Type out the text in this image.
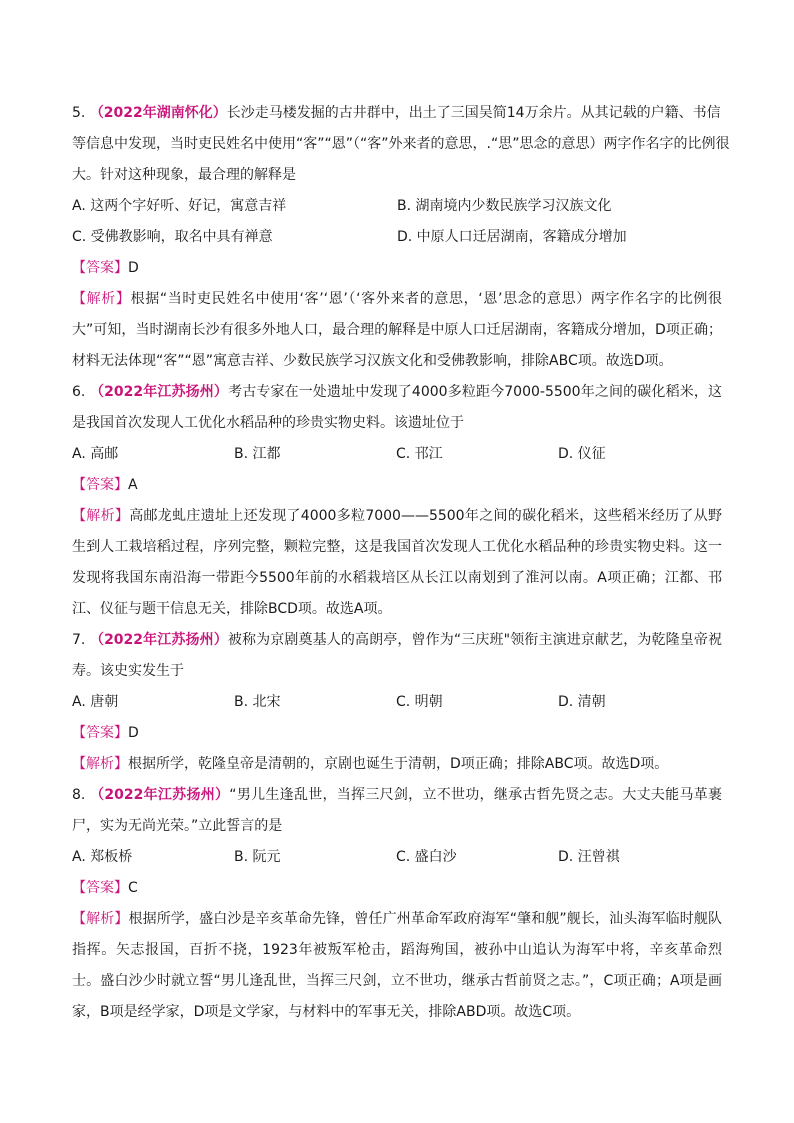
5. （2022年湖南怀化）长沙走马楼发掘的古井群中，出土了三国吴简14万余片。从其记载的户籍、书信
等信息中发现，当时吏民姓名中使用“客”“恩”（“客”外来者的意思，.“思”思念的意思）两字作名字的比例很
大。针对这种现象，最合理的解释是
A. 这两个字好听、好记，寓意吉祥	B. 湖南境内少数民族学习汉族文化
C. 受佛教影响，取名中具有禅意	D. 中原人口迁居湖南，客籍成分增加
【答案】D
【解析】根据“当时吏民姓名中使用‘客’‘恩’（‘客外来者的意思，‘恩’思念的意思）两字作名字的比例很大”可知，当时湖南长沙有很多外地人口，最合理的解释是中原人口迁居湖南，客籍成分增加，D项正确；材料无法体现“客”“恩”寓意吉祥、少数民族学习汉族文化和受佛教影响，排除ABC项。故选D项。
6. （2022年江苏扬州）考古专家在一处遗址中发现了4000多粒距今7000-5500年之间的碳化稻米，这是我国首次发现人工优化水稻品种的珍贵实物史料。该遗址位于
A. 高邮	B. 江都	C. 邗江	D. 仪征
【答案】A
【解析】高邮龙虬庄遗址上还发现了4000多粒7000——5500年之间的碳化稻米，这些稻米经历了从野生到人工栽培稻过程，序列完整，颗粒完整，这是我国首次发现人工优化水稻品种的珍贵实物史料。这一发现将我国东南沿海一带距今5500年前的水稻栽培区从长江以南划到了淮河以南。A项正确；江都、邗江、仪征与题干信息无关，排除BCD项。故选A项。
7. （2022年江苏扬州）被称为京剧奠基人的高朗亭，曾作为“三庆班"领衔主演进京献艺，为乾隆皇帝祝寿。该史实发生于
A. 唐朝	B. 北宋	C. 明朝	D. 清朝
【答案】D
【解析】根据所学，乾隆皇帝是清朝的，京剧也诞生于清朝，D项正确；排除ABC项。故选D项。
8. （2022年江苏扬州）“男儿生逢乱世，当挥三尺剑，立不世功，继承古哲先贤之志。大丈夫能马革裹尸，实为无尚光荣。”立此誓言的是
A. 郑板桥	B. 阮元	C. 盛白沙	D. 汪曾祺
【答案】C
【解析】根据所学，盛白沙是辛亥革命先锋，曾任广州革命军政府海军“肇和舰”舰长，汕头海军临时舰队指挥。矢志报国，百折不挠，1923年被叛军枪击，蹈海殉国，被孙中山追认为海军中将，辛亥革命烈士。盛白沙少时就立誓“男儿逢乱世，当挥三尺剑，立不世功，继承古哲前贤之志。”，C项正确；A项是画家，B项是经学家，D项是文学家，与材料中的军事无关，排除ABD项。故选C项。
